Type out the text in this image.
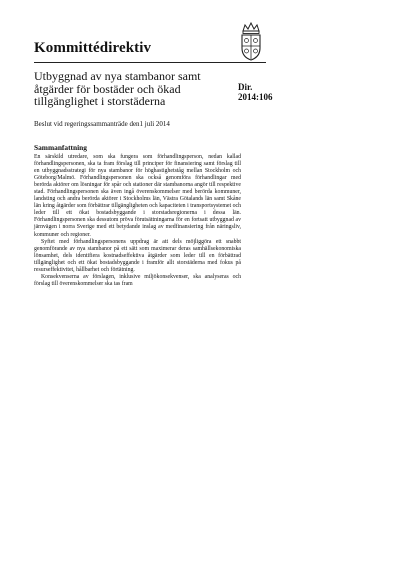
Kommittédirektiv
Utbyggnad av nya stambanor samt åtgärder för bostäder och ökad tillgänglighet i storstäderna
Dir.
2014:106
Beslut vid regeringssammanträde den1 juli 2014
Sammanfattning

En särskild utredare, som ska fungera som förhandlingsperson, nedan kallad förhandlingspersonen, ska ta fram förslag till principer för finansiering samt förslag till en utbyggnadsstrategi för nya stambanor för höghastighetståg mellan Stockholm och Göteborg/Malmö. Förhandlingspersonen ska också genomföra förhandlingar med berörda aktörer om lösningar för spår och stationer där stambanorna angör till respektive stad. Förhandlingspersonen ska även ingå överenskommelser med berörda kommuner, landsting och andra berörda aktörer i Stockholms län, Västra Götalands län samt Skåne län kring åtgärder som förbättrar tillgängligheten och kapaciteten i transportsystemet och leder till ett ökat bostadsbyggande i storstadsregionerna i dessa län. Förhandlingspersonen ska dessutom pröva förutsättningarna för en fortsatt utbyggnad av järnvägen i norra Sverige med ett betydande inslag av medfinansiering från näringsliv, kommuner och regioner.

Syftet med förhandlingspersonens uppdrag är att dels möjliggöra ett snabbt genomförande av nya stambanor på ett sätt som maximerar deras samhällsekonomiska lönsamhet, dels identifiera kostnadseffektiva åtgärder som leder till en förbättrad tillgänglighet och ett ökat bostadsbyggande i framför allt storstäderna med fokus på resurseffektivitet, hållbarhet och förtätning.

Konsekvenserna av förslagen, inklusive miljökonsekvenser, ska analyseras och förslag till överenskommelser ska tas fram
